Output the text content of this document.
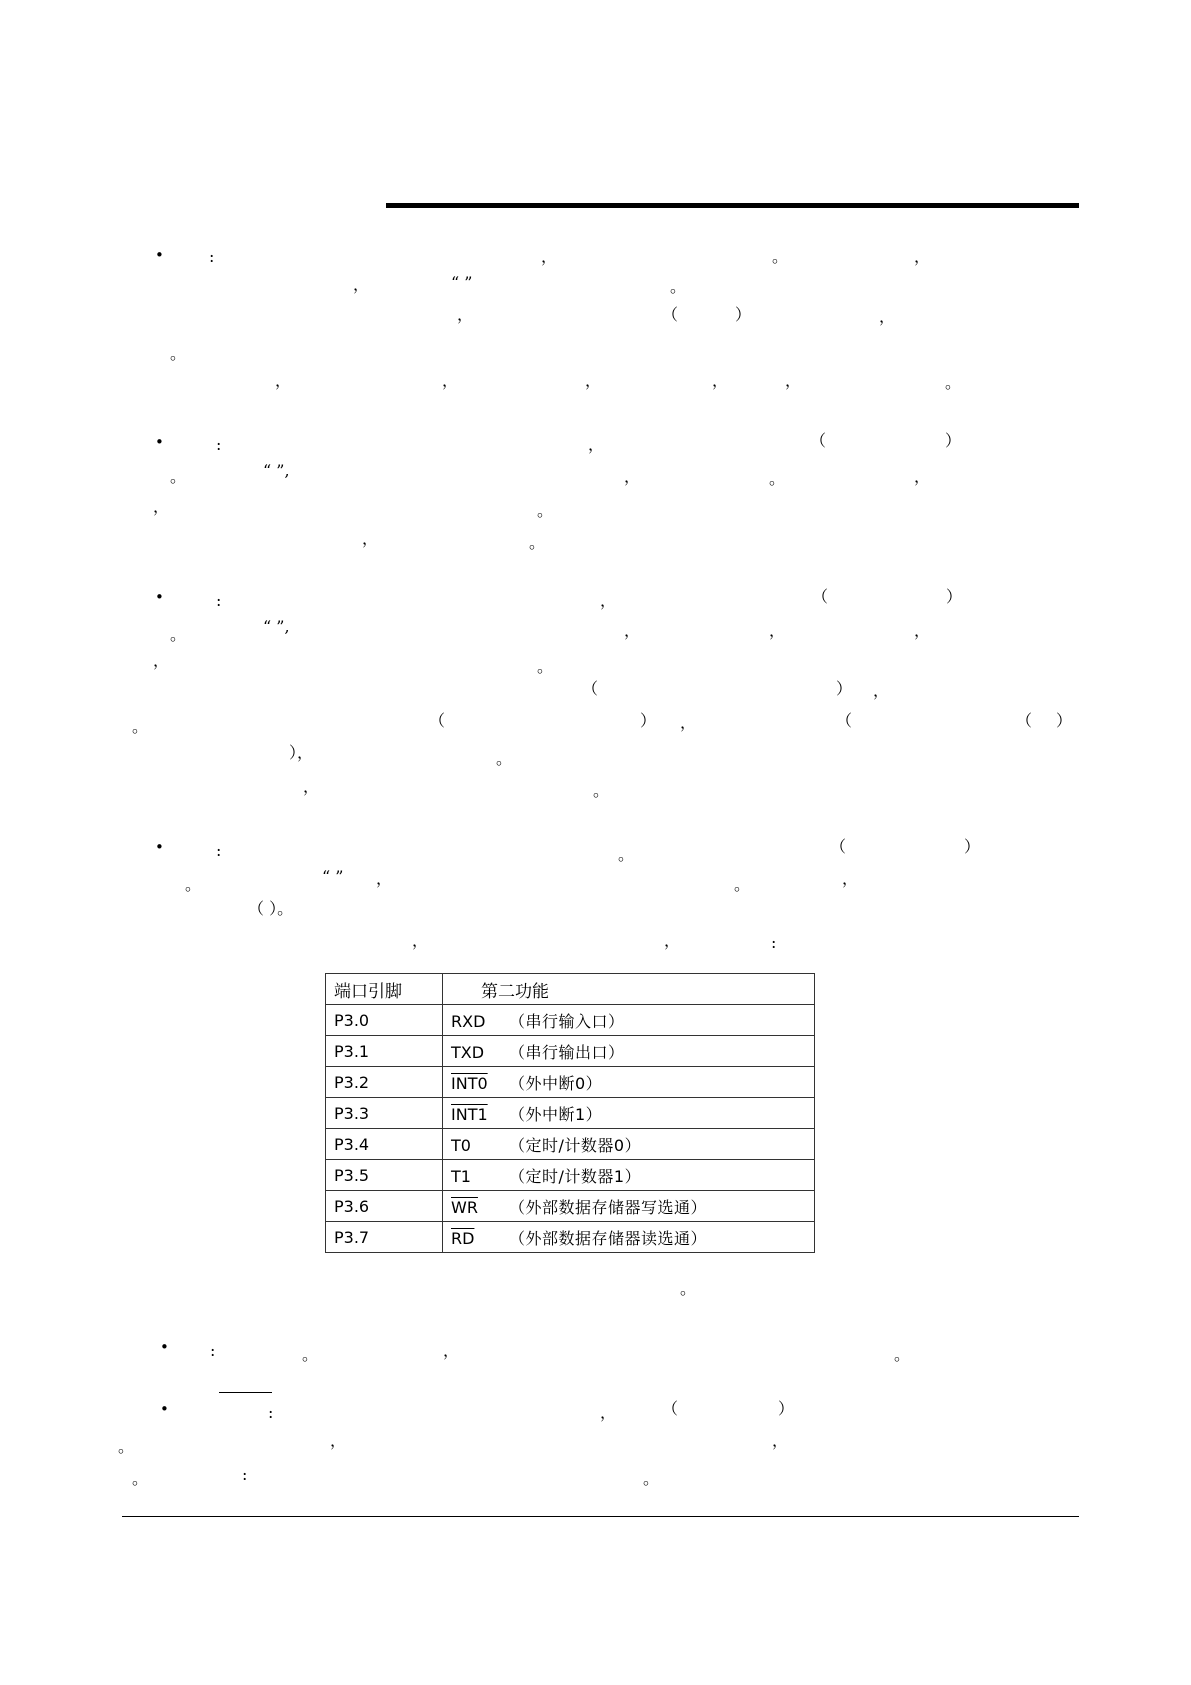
•	:	，	。	，
，	“ ”	。
，	（	）	，
。
，	，	，	，	，	。
•	:	，	（	）
。	“ ”,	，	。	，
，	。
，	。
•	:	，	（	）
。	“ ”,	，	，	，
，	。
（	） ，
。	（	） ，	（	（ ）
），	。
，	。
•	:	。	（	）
。	“ ” ，	。	，
（ ）。
，	，	:
端口引脚	第二功能
P3.0	RXD （串行输入口）
P3.1	TXD （串行输出口）
P3.2	INT0 （外中断0）
P3.3	INT1 （外中断1）
P3.4	T0 （定时/计数器0）
P3.5	T1 （定时/计数器1）
P3.6	$\overline{WR}$ （外部数据存储器写选通）
P3.7	$\overline{RD}$ （外部数据存储器读选通）
。
•	:	。	，	。
•	:	，	（	）
。	，	，
。	:	。
